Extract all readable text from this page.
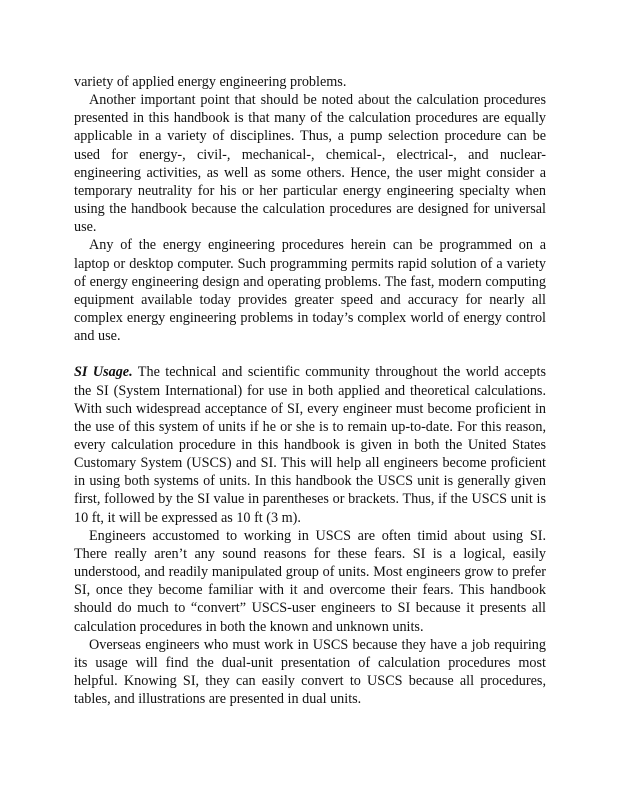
variety of applied energy engineering problems.

Another important point that should be noted about the calculation procedures presented in this handbook is that many of the calculation procedures are equally applicable in a variety of disciplines. Thus, a pump selection procedure can be used for energy-, civil-, mechanical-, chemical-, electrical-, and nuclear-engineering activities, as well as some others. Hence, the user might consider a temporary neutrality for his or her particular energy engineering specialty when using the handbook because the calculation procedures are designed for universal use.

Any of the energy engineering procedures herein can be programmed on a laptop or desktop computer. Such programming permits rapid solution of a variety of energy engineering design and operating problems. The fast, modern computing equipment available today provides greater speed and accuracy for nearly all complex energy engineering problems in today’s complex world of energy control and use.

SI Usage. The technical and scientific community throughout the world accepts the SI (System International) for use in both applied and theoretical calculations. With such widespread acceptance of SI, every engineer must become proficient in the use of this system of units if he or she is to remain up-to-date. For this reason, every calculation procedure in this handbook is given in both the United States Customary System (USCS) and SI. This will help all engineers become proficient in using both systems of units. In this handbook the USCS unit is generally given first, followed by the SI value in parentheses or brackets. Thus, if the USCS unit is 10 ft, it will be expressed as 10 ft (3 m).

Engineers accustomed to working in USCS are often timid about using SI. There really aren’t any sound reasons for these fears. SI is a logical, easily understood, and readily manipulated group of units. Most engineers grow to prefer SI, once they become familiar with it and overcome their fears. This handbook should do much to “convert” USCS-user engineers to SI because it presents all calculation procedures in both the known and unknown units.

Overseas engineers who must work in USCS because they have a job requiring its usage will find the dual-unit presentation of calculation procedures most helpful. Knowing SI, they can easily convert to USCS because all procedures, tables, and illustrations are presented in dual units.
